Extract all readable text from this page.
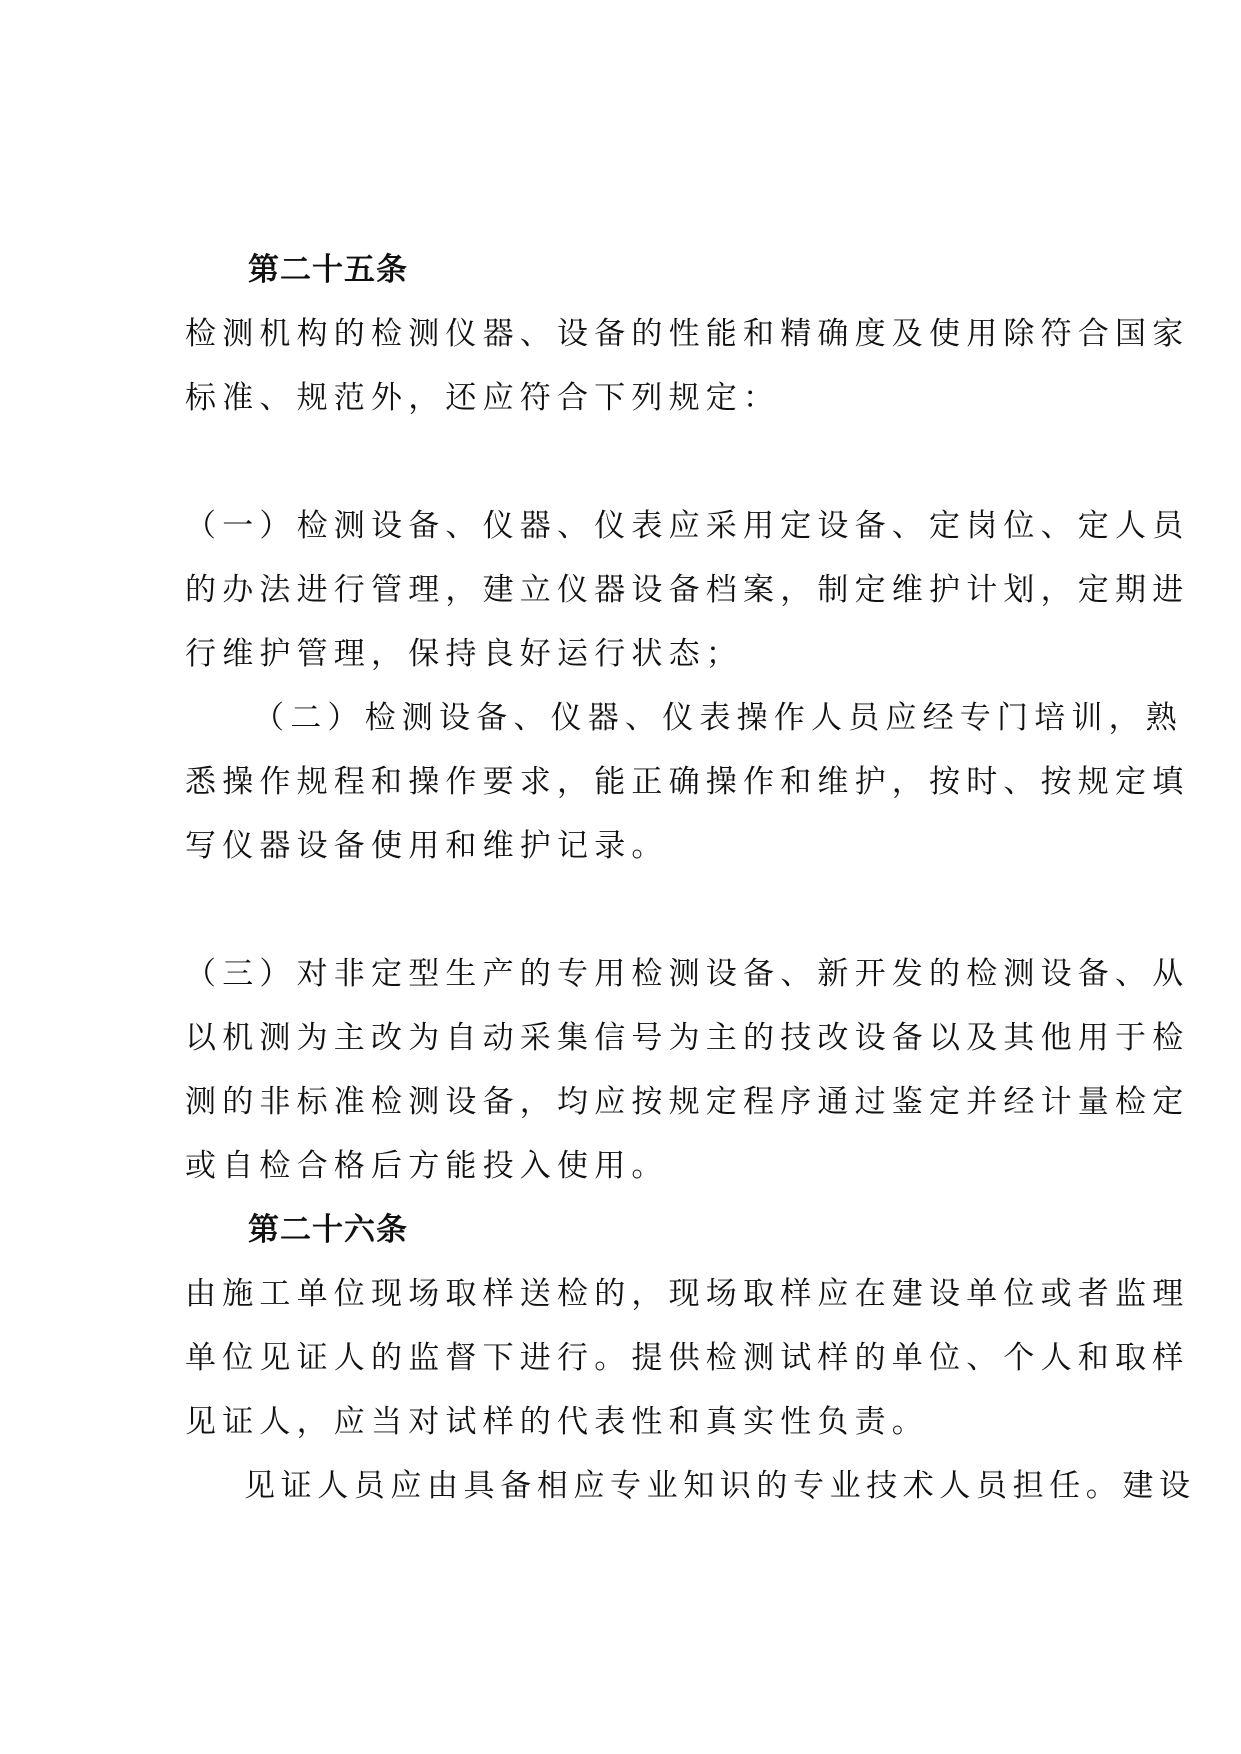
第二十五条
检测机构的检测仪器、设备的性能和精确度及使用除符合国家
标准、规范外，还应符合下列规定：
（一）检测设备、仪器、仪表应采用定设备、定岗位、定人员
的办法进行管理，建立仪器设备档案，制定维护计划，定期进
行维护管理，保持良好运行状态；
（二）检测设备、仪器、仪表操作人员应经专门培训，熟
悉操作规程和操作要求，能正确操作和维护，按时、按规定填
写仪器设备使用和维护记录。
（三）对非定型生产的专用检测设备、新开发的检测设备、从
以机测为主改为自动采集信号为主的技改设备以及其他用于检
测的非标准检测设备，均应按规定程序通过鉴定并经计量检定
或自检合格后方能投入使用。
第二十六条
由施工单位现场取样送检的，现场取样应在建设单位或者监理
单位见证人的监督下进行。提供检测试样的单位、个人和取样
见证人，应当对试样的代表性和真实性负责。
见证人员应由具备相应专业知识的专业技术人员担任。建设
